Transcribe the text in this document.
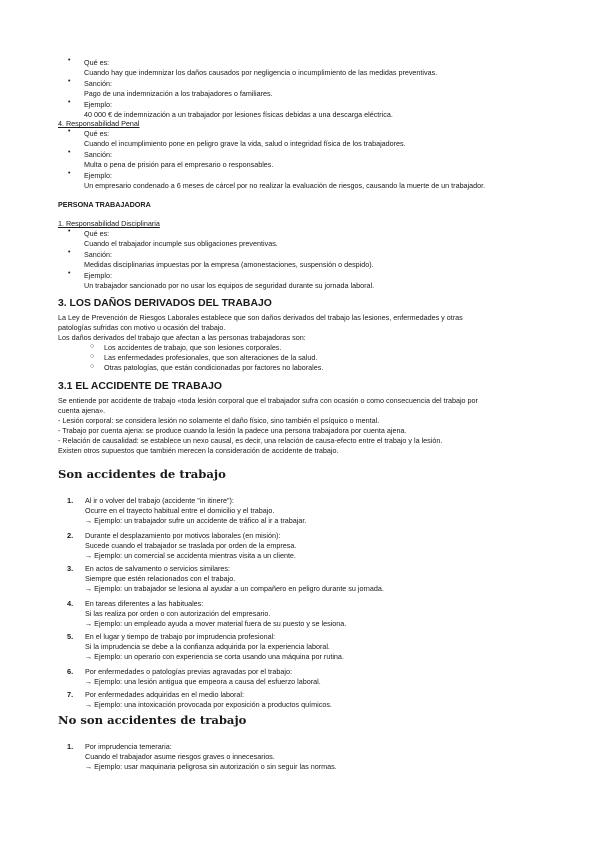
• Qué es:
Cuando hay que indemnizar los daños causados por negligencia o incumplimiento de las medidas preventivas.
• Sanción:
Pago de una indemnización a los trabajadores o familiares.
• Ejemplo:
40 000 € de indemnización a un trabajador por lesiones físicas debidas a una descarga eléctrica.
4. Responsabilidad Penal
• Qué es:
Cuando el incumplimiento pone en peligro grave la vida, salud o integridad física de los trabajadores.
• Sanción:
Multa o pena de prisión para el empresario o responsables.
• Ejemplo:
Un empresario condenado a 6 meses de cárcel por no realizar la evaluación de riesgos, causando la muerte de un trabajador.
PERSONA TRABAJADORA
1. Responsabilidad Disciplinaria
• Qué es:
Cuando el trabajador incumple sus obligaciones preventivas.
• Sanción:
Medidas disciplinarias impuestas por la empresa (amonestaciones, suspensión o despido).
• Ejemplo:
Un trabajador sancionado por no usar los equipos de seguridad durante su jornada laboral.
3. LOS DAÑOS DERIVADOS DEL TRABAJO
La Ley de Prevención de Riesgos Laborales establece que son daños derivados del trabajo las lesiones, enfermedades y otras
patologías sufridas con motivo u ocasión del trabajo.
Los daños derivados del trabajo que afectan a las personas trabajadoras son:
○ Los accidentes de trabajo, que son lesiones corporales.
○ Las enfermedades profesionales, que son alteraciones de la salud.
○ Otras patologías, que están condicionadas por factores no laborales.
3.1 EL ACCIDENTE DE TRABAJO
Se entiende por accidente de trabajo «toda lesión corporal que el trabajador sufra con ocasión o como consecuencia del trabajo por
cuenta ajena».
- Lesión corporal: se considera lesión no solamente el daño físico, sino también el psíquico o mental.
- Trabajo por cuenta ajena: se produce cuando la lesión la padece una persona trabajadora por cuenta ajena.
- Relación de causalidad: se establece un nexo causal, es decir, una relación de causa-efecto entre el trabajo y la lesión.
Existen otros supuestos que también merecen la consideración de accidente de trabajo.
Son accidentes de trabajo
1. Al ir o volver del trabajo (accidente "in itinere"):
Ocurre en el trayecto habitual entre el domicilio y el trabajo.
→ Ejemplo: un trabajador sufre un accidente de tráfico al ir a trabajar.
2. Durante el desplazamiento por motivos laborales (en misión):
Sucede cuando el trabajador se traslada por orden de la empresa.
→ Ejemplo: un comercial se accidenta mientras visita a un cliente.
3. En actos de salvamento o servicios similares:
Siempre que estén relacionados con el trabajo.
→ Ejemplo: un trabajador se lesiona al ayudar a un compañero en peligro durante su jornada.
4. En tareas diferentes a las habituales:
Si las realiza por orden o con autorización del empresario.
→ Ejemplo: un empleado ayuda a mover material fuera de su puesto y se lesiona.
5. En el lugar y tiempo de trabajo por imprudencia profesional:
Si la imprudencia se debe a la confianza adquirida por la experiencia laboral.
→ Ejemplo: un operario con experiencia se corta usando una máquina por rutina.
6. Por enfermedades o patologías previas agravadas por el trabajo:
→ Ejemplo: una lesión antigua que empeora a causa del esfuerzo laboral.
7. Por enfermedades adquiridas en el medio laboral:
→ Ejemplo: una intoxicación provocada por exposición a productos químicos.
No son accidentes de trabajo
1. Por imprudencia temeraria:
Cuando el trabajador asume riesgos graves o innecesarios.
→ Ejemplo: usar maquinaria peligrosa sin autorización o sin seguir las normas.
